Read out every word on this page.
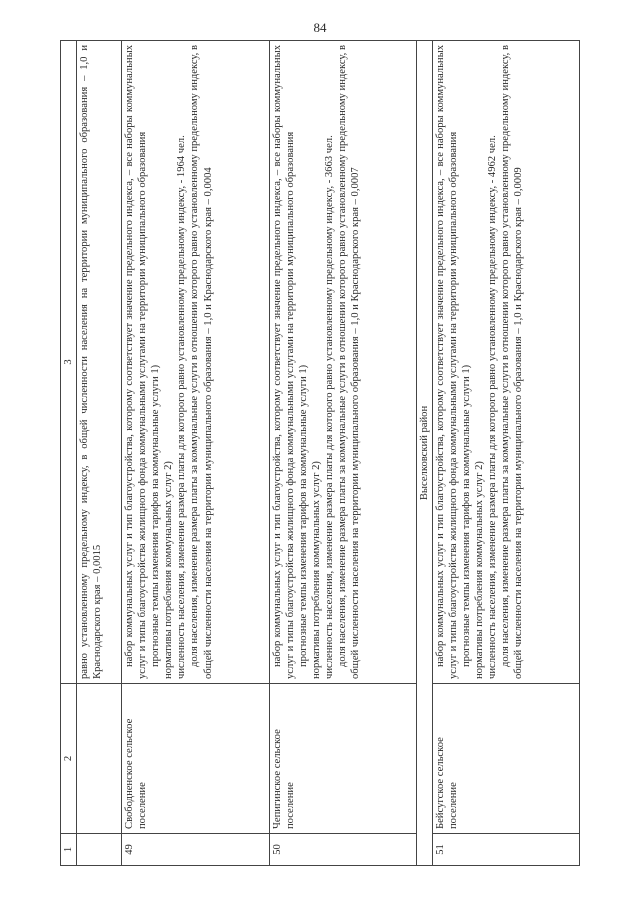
84
1	2	3

		равно установленному предельному индексу, в общей численности населения на территории муниципального образования – 1,0 и Краснодарского края – 0,0015

49	Свободненское сельское поселение	набор коммунальных услуг и тип благоустройства, которому соответствует значение предельного индекса, – все наборы коммунальных услуг и типы благоустройства жилищного фонда коммунальными услугами на территории муниципального образования прогнозные темпы изменения тарифов на коммунальные услуги 1) нормативы потребления коммунальных услуг 2) численность населения, изменение размера платы для которого равно установленному предельному индексу, - 1964 чел. доля населения, изменение размера платы за коммунальные услуги в отношении которого равно установленному предельному индексу, в общей численности населения на территории муниципального образования – 1,0 и Краснодарского края – 0,0004

50	Чепигинское сельское поселение	набор коммунальных услуг и тип благоустройства, которому соответствует значение предельного индекса, – все наборы коммунальных услуг и типы благоустройства жилищного фонда коммунальными услугами на территории муниципального образования прогнозные темпы изменения тарифов на коммунальные услуги 1) нормативы потребления коммунальных услуг 2) численность населения, изменение размера платы для которого равно установленному предельному индексу, - 3663 чел. доля населения, изменение размера платы за коммунальные услуги в отношении которого равно установленному предельному индексу, в общей численности населения на территории муниципального образования – 1,0 и Краснодарского края – 0,0007

Выселковский район		
51	Бейсугское сельское поселение	набор коммунальных услуг и тип благоустройства, которому соответствует значение предельного индекса, – все наборы коммунальных услуг и типы благоустройства жилищного фонда коммунальными услугами на территории муниципального образования прогнозные темпы изменения тарифов на коммунальные услуги 1) нормативы потребления коммунальных услуг 2) численность населения, изменение размера платы для которого равно установленному предельному индексу, - 4962 чел. доля населения, изменение размера платы за коммунальные услуги в отношении которого равно установленному предельному индексу, в общей численности населения на территории муниципального образования – 1,0 и Краснодарского края – 0,0009
